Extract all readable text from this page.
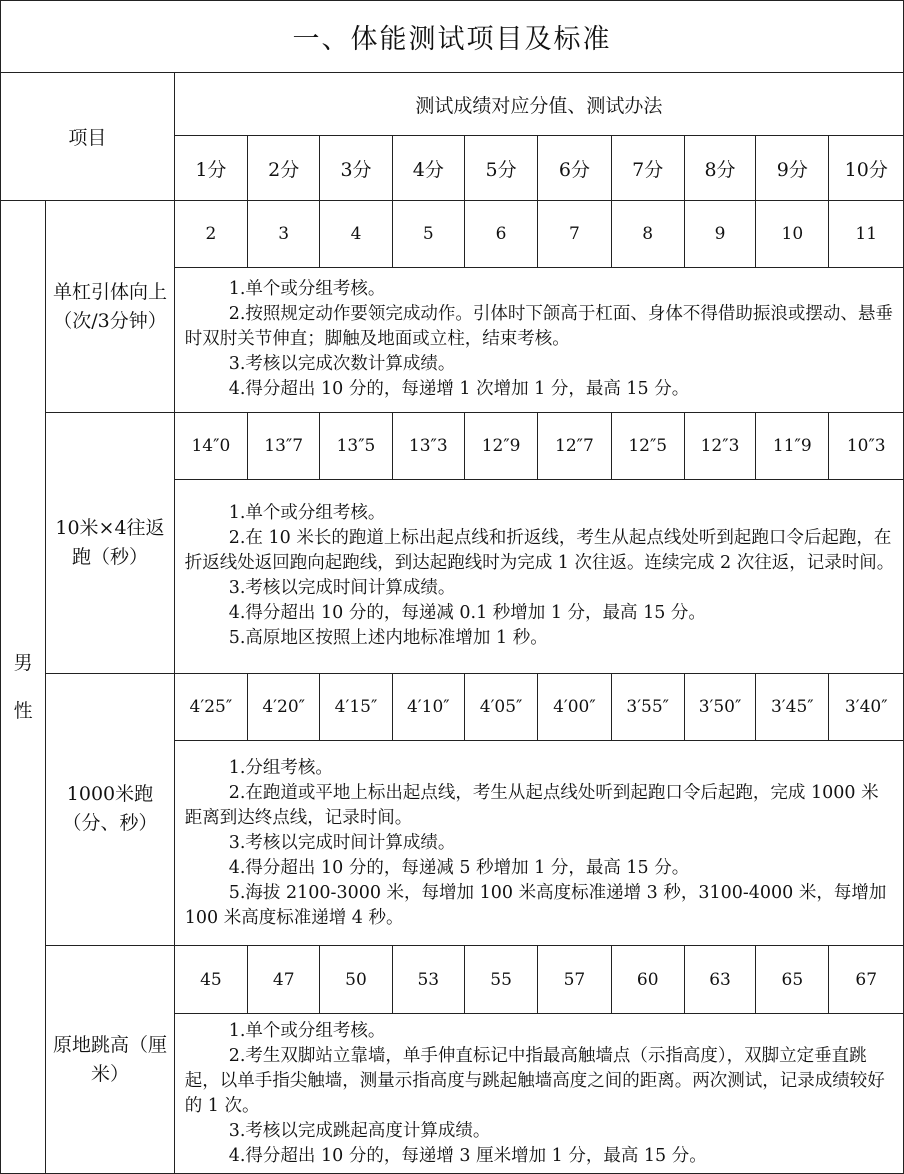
一、体能测试项目及标准											
项目		测试成绩对应分值、测试办法									
		1分	2分	3分	4分	5分	6分	7分	8分	9分	10分
男
性	单杠引体向上（次/3分钟）	2	3	4	5	6	7	8	9	10	11

		1.单个或分组考核。
2.按照规定动作要领完成动作。引体时下颌高于杠面、身体不得借助振浪或摆动、悬垂时双肘关节伸直；脚触及地面或立柱，结束考核。
3.考核以完成次数计算成绩。
4.得分超出 10 分的，每递增 1 次增加 1 分，最高 15 分。									

	10米×4往返跑（秒）	14″0	13″7	13″5	13″3	12″9	12″7	12″5	12″3	11″9	10″3

		1.单个或分组考核。
2.在 10 米长的跑道上标出起点线和折返线，考生从起点线处听到起跑口令后起跑，在折返线处返回跑向起跑线，到达起跑线时为完成 1 次往返。连续完成 2 次往返，记录时间。
3.考核以完成时间计算成绩。
4.得分超出 10 分的，每递减 0.1 秒增加 1 分，最高 15 分。
5.高原地区按照上述内地标准增加 1 秒。									

	1000米跑（分、秒）	4′25″	4′20″	4′15″	4′10″	4′05″	4′00″	3′55″	3′50″	3′45″	3′40″

		1.分组考核。
2.在跑道或平地上标出起点线，考生从起点线处听到起跑口令后起跑，完成 1000 米距离到达终点线，记录时间。
3.考核以完成时间计算成绩。
4.得分超出 10 分的，每递减 5 秒增加 1 分，最高 15 分。
5.海拔 2100-3000 米，每增加 100 米高度标准递增 3 秒，3100-4000 米，每增加 100 米高度标准递增 4 秒。									

	原地跳高（厘米）	45	47	50	53	55	57	60	63	65	67

		1.单个或分组考核。
2.考生双脚站立靠墙，单手伸直标记中指最高触墙点（示指高度），双脚立定垂直跳起，以单手指尖触墙，测量示指高度与跳起触墙高度之间的距离。两次测试，记录成绩较好的 1 次。
3.考核以完成跳起高度计算成绩。
4.得分超出 10 分的，每递增 3 厘米增加 1 分，最高 15 分。									
